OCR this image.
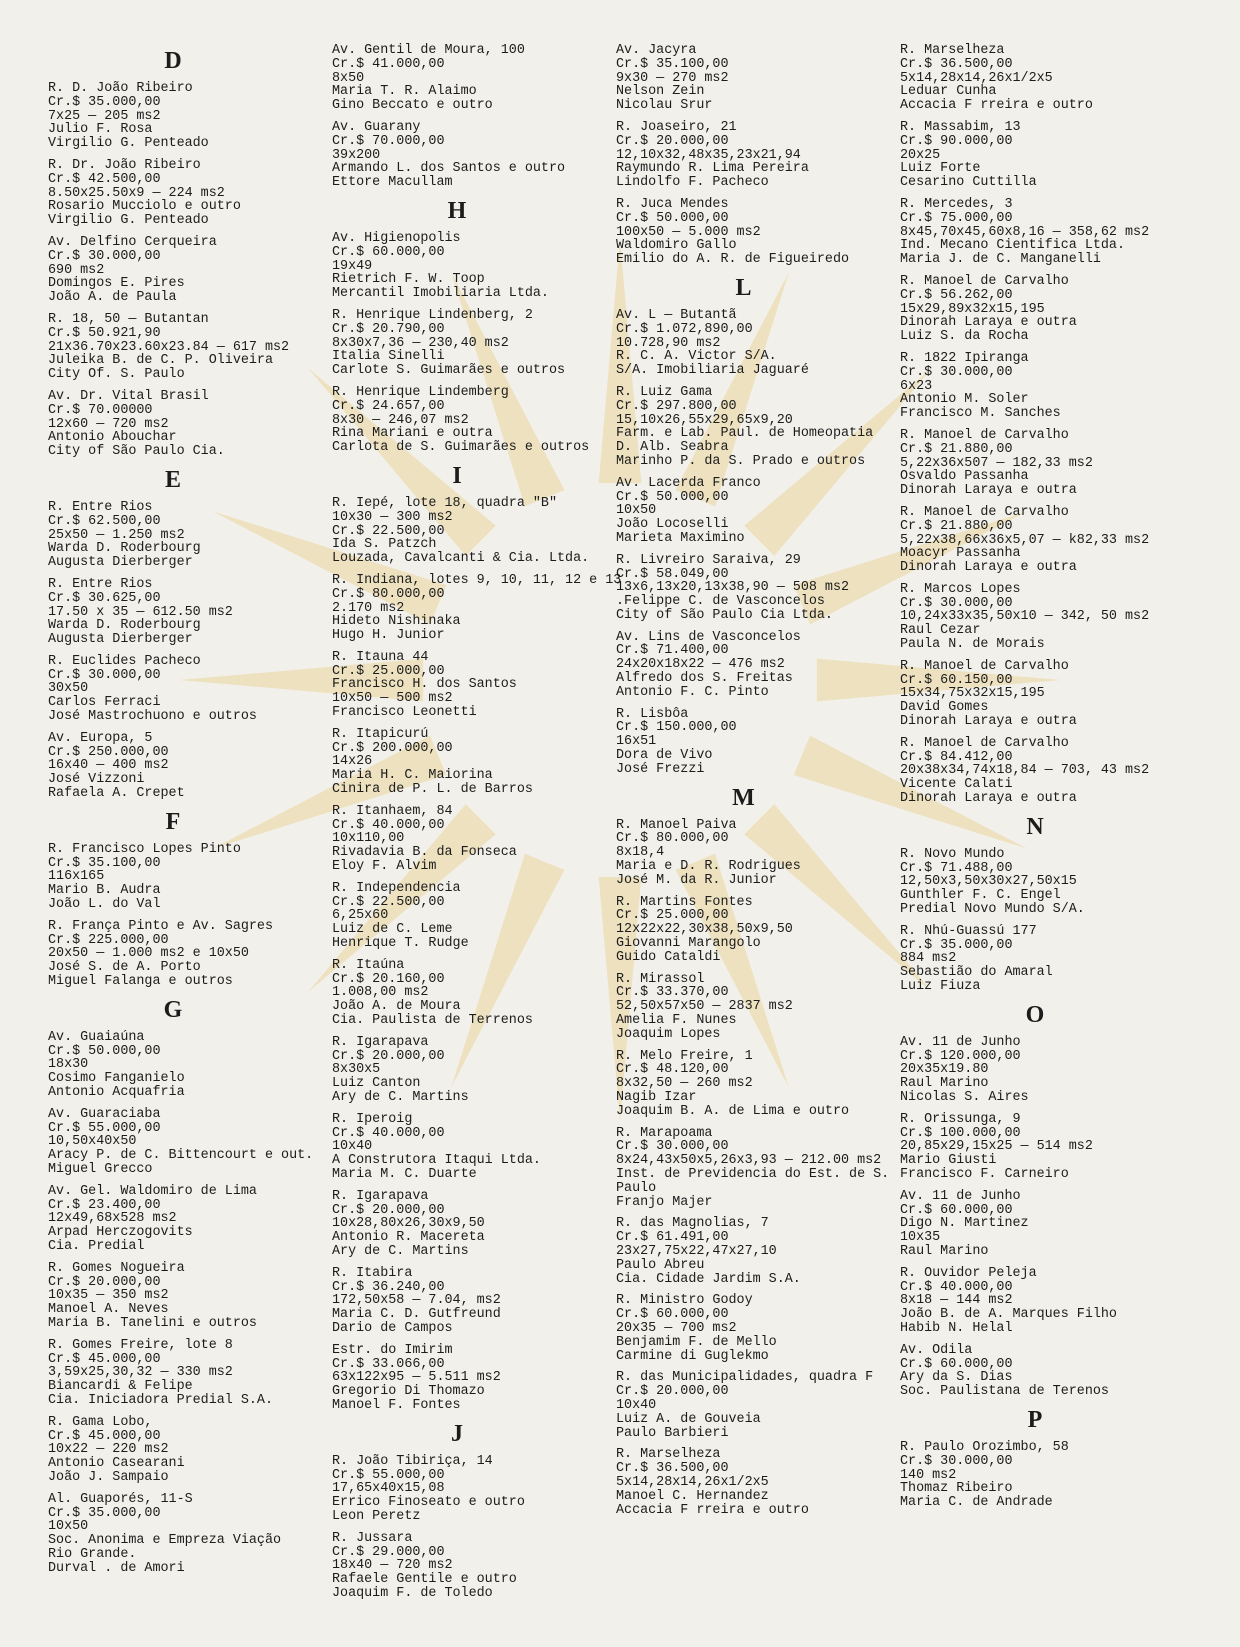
D
R. D. João Ribeiro
Cr.$ 35.000,00
7x25 — 205 ms2
Julio F. Rosa
Virgilio G. Penteado
R. Dr. João Ribeiro
Cr.$ 42.500,00
8.50x25.50x9 — 224 ms2
Rosario Mucciolo e outro
Virgilio G. Penteado
Av. Delfino Cerqueira
Cr.$ 30.000,00
690 ms2
Domingos E. Pires
João A. de Paula
R. 18, 50 — Butantan
Cr.$ 50.921,90
21x36.70x23.60x23.84 — 617 ms2
Juleika B. de C. P. Oliveira
City Of. S. Paulo
Av. Dr. Vital Brasil
Cr.$ 70.00000
12x60 — 720 ms2
Antonio Abouchar
City of São Paulo Cia.
E
R. Entre Rios
Cr.$ 62.500,00
25x50 — 1.250 ms2
Warda D. Roderbourg
Augusta Dierberger
R. Entre Rios
Cr.$ 30.625,00
17.50 x 35 — 612.50 ms2
Warda D. Roderbourg
Augusta Dierberger
R. Euclides Pacheco
Cr.$ 30.000,00
30x50
Carlos Ferraci
José Mastrochuono e outros
Av. Europa, 5
Cr.$ 250.000,00
16x40 — 400 ms2
José Vizzoni
Rafaela A. Crepet
F
R. Francisco Lopes Pinto
Cr.$ 35.100,00
116x165
Mario B. Audra
João L. do Val
R. França Pinto e Av. Sagres
Cr.$ 225.000,00
20x50 — 1.000 ms2 e 10x50
José S. de A. Porto
Miguel Falanga e outros
G
Av. Guaiaúna
Cr.$ 50.000,00
18x30
Cosimo Fanganielo
Antonio Acquafria
Av. Guaraciaba
Cr.$ 55.000,00
10,50x40x50
Aracy P. de C. Bittencourt e out.
Miguel Grecco
Av. Gel. Waldomiro de Lima
Cr.$ 23.400,00
12x49,68x528 ms2
Arpad Herczogovits
Cia. Predial
R. Gomes Nogueira
Cr.$ 20.000,00
10x35 — 350 ms2
Manoel A. Neves
Maria B. Tanelini e outros
R. Gomes Freire, lote 8
Cr.$ 45.000,00
3,59x25,30,32 — 330 ms2
Biancardi & Felipe
Cia. Iniciadora Predial S.A.
R. Gama Lobo,
Cr.$ 45.000,00
10x22 — 220 ms2
Antonio Casearani
João J. Sampaio
Al. Guaporés, 11-S
Cr.$ 35.000,00
10x50
Soc. Anonima e Empreza Viação
Rio Grande.
Durval . de Amori
Av. Gentil de Moura, 100
Cr.$ 41.000,00
8x50
Maria T. R. Alaimo
Gino Beccato e outro
Av. Guarany
Cr.$ 70.000,00
39x200
Armando L. dos Santos e outro
Ettore Macullam
H
Av. Higienopolis
Cr.$ 60.000,00
19x49
Rietrich F. W. Toop
Mercantil Imobiliaria Ltda.
R. Henrique Lindenberg, 2
Cr.$ 20.790,00
8x30x7,36 — 230,40 ms2
Italia Sinelli
Carlote S. Guimarães e outros
R. Henrique Lindemberg
Cr.$ 24.657,00
8x30 — 246,07 ms2
Rina Mariani e outra
Carlota de S. Guimarães e outros
I
R. Iepé, lote 18, quadra "B"
10x30 — 300 ms2
Cr.$ 22.500,00
Ida S. Patzch
Louzada, Cavalcanti & Cia. Ltda.
R. Indiana, lotes 9, 10, 11, 12 e 13
Cr.$ 80.000,00
2.170 ms2
Hideto Nishinaka
Hugo H. Junior
R. Itauna 44
Cr.$ 25.000,00
Francisco H. dos Santos
10x50 — 500 ms2
Francisco Leonetti
R. Itapicurú
Cr.$ 200.000,00
14x26
Maria H. C. Maiorina
Cinira de P. L. de Barros
R. Itanhaem, 84
Cr.$ 40.000,00
10x110,00
Rivadavia B. da Fonseca
Eloy F. Alvim
R. Independencia
Cr.$ 22.500,00
6,25x60
Luiz de C. Leme
Henrique T. Rudge
R. Itaúna
Cr.$ 20.160,00
1.008,00 ms2
João A. de Moura
Cia. Paulista de Terrenos
R. Igarapava
Cr.$ 20.000,00
8x30x5
Luiz Canton
Ary de C. Martins
R. Iperoig
Cr.$ 40.000,00
10x40
A Construtora Itaqui Ltda.
Maria M. C. Duarte
R. Igarapava
Cr.$ 20.000,00
10x28,80x26,30x9,50
Antonio R. Macereta
Ary de C. Martins
R. Itabira
Cr.$ 36.240,00
172,50x58 — 7.04, ms2
Maria C. D. Gutfreund
Dario de Campos
Estr. do Imirim
Cr.$ 33.066,00
63x122x95 — 5.511 ms2
Gregorio Di Thomazo
Manoel F. Fontes
J
R. João Tibiriça, 14
Cr.$ 55.000,00
17,65x40x15,08
Errico Finoseato e outro
Leon Peretz
R. Jussara
Cr.$ 29.000,00
18x40 — 720 ms2
Rafaele Gentile e outro
Joaquim F. de Toledo
Av. Jacyra
Cr.$ 35.100,00
9x30 — 270 ms2
Nelson Zein
Nicolau Srur
R. Joaseiro, 21
Cr.$ 20.000,00
12,10x32,48x35,23x21,94
Raymundo R. Lima Pereira
Lindolfo F. Pacheco
R. Juca Mendes
Cr.$ 50.000,00
100x50 — 5.000 ms2
Waldomiro Gallo
Emilio do A. R. de Figueiredo
L
Av. L — Butantã
Cr.$ 1.072,890,00
10.728,90 ms2
R. C. A. Victor S/A.
S/A. Imobiliaria Jaguaré
R. Luiz Gama
Cr.$ 297.800,00
15,10x26,55x29,65x9,20
Farm. e Lab. Paul. de Homeopatia
D. Alb. Seabra
Marinho P. da S. Prado e outros
Av. Lacerda Franco
Cr.$ 50.000,00
10x50
João Locoselli
Marieta Maximino
R. Livreiro Saraiva, 29
Cr.$ 58.049,00
13x6,13x20,13x38,90 — 508 ms2
.Felippe C. de Vasconcelos
City of São Paulo Cia Ltda.
Av. Lins de Vasconcelos
Cr.$ 71.400,00
24x20x18x22 — 476 ms2
Alfredo dos S. Freitas
Antonio F. C. Pinto
R. Lisbôa
Cr.$ 150.000,00
16x51
Dora de Vivo
José Frezzi
M
R. Manoel Paiva
Cr.$ 80.000,00
8x18,4
Maria e D. R. Rodrigues
José M. da R. Junior
R. Martins Fontes
Cr.$ 25.000,00
12x22x22,30x38,50x9,50
Giovanni Marangolo
Guido Cataldi
R. Mirassol
Cr.$ 33.370,00
52,50x57x50 — 2837 ms2
Amelia F. Nunes
Joaquim Lopes
R. Melo Freire, 1
Cr.$ 48.120,00
8x32,50 — 260 ms2
Nagib Izar
Joaquim B. A. de Lima e outro
R. Marapoama
Cr.$ 30.000,00
8x24,43x50x5,26x3,93 — 212.00 ms2
Inst. de Previdencia do Est. de S.
Paulo
Franjo Majer
R. das Magnolias, 7
Cr.$ 61.491,00
23x27,75x22,47x27,10
Paulo Abreu
Cia. Cidade Jardim S.A.
R. Ministro Godoy
Cr.$ 60.000,00
20x35 — 700 ms2
Benjamim F. de Mello
Carmine di Guglekmo
R. das Municipalidades, quadra F
Cr.$ 20.000,00
10x40
Luiz A. de Gouveia
Paulo Barbieri
R. Marselheza
Cr.$ 36.500,00
5x14,28x14,26x1/2x5
Manoel C. Hernandez
Accacia F rreira e outro
R. Marselheza
Cr.$ 36.500,00
5x14,28x14,26x1/2x5
Leduar Cunha
Accacia F rreira e outro
R. Massabim, 13
Cr.$ 90.000,00
20x25
Luiz Forte
Cesarino Cuttilla
R. Mercedes, 3
Cr.$ 75.000,00
8x45,70x45,60x8,16 — 358,62 ms2
Ind. Mecano Cientifica Ltda.
Maria J. de C. Manganelli
R. Manoel de Carvalho
Cr.$ 56.262,00
15x29,89x32x15,195
Dinorah Laraya e outra
Luiz S. da Rocha
R. 1822 Ipiranga
Cr.$ 30.000,00
6x23
Antonio M. Soler
Francisco M. Sanches
R. Manoel de Carvalho
Cr.$ 21.880,00
5,22x36x507 — 182,33 ms2
Osvaldo Passanha
Dinorah Laraya e outra
R. Manoel de Carvalho
Cr.$ 21.880,00
5,22x38,66x36x5,07 — k82,33 ms2
Moacyr Passanha
Dinorah Laraya e outra
R. Marcos Lopes
Cr.$ 30.000,00
10,24x33x35,50x10 — 342, 50 ms2
Raul Cezar
Paula N. de Morais
R. Manoel de Carvalho
Cr.$ 60.150,00
15x34,75x32x15,195
David Gomes
Dinorah Laraya e outra
R. Manoel de Carvalho
Cr.$ 84.412,00
20x38x34,74x18,84 — 703, 43 ms2
Vicente Calati
Dinorah Laraya e outra
N
R. Novo Mundo
Cr.$ 71.488,00
12,50x3,50x30x27,50x15
Gunthler F. C. Engel
Predial Novo Mundo S/A.
R. Nhú-Guassú 177
Cr.$ 35.000,00
884 ms2
Sebastião do Amaral
Luiz Fiuza
O
Av. 11 de Junho
Cr.$ 120.000,00
20x35x19.80
Raul Marino
Nicolas S. Aires
R. Orissunga, 9
Cr.$ 100.000,00
20,85x29,15x25 — 514 ms2
Mario Giusti
Francisco F. Carneiro
Av. 11 de Junho
Cr.$ 60.000,00
Digo N. Martinez
10x35
Raul Marino
R. Ouvidor Peleja
Cr.$ 40.000,00
8x18 — 144 ms2
João B. de A. Marques Filho
Habib N. Helal
Av. Odila
Cr.$ 60.000,00
Ary da S. Dias
Soc. Paulistana de Terenos
P
R. Paulo Orozimbo, 58
Cr.$ 30.000,00
140 ms2
Thomaz Ribeiro
Maria C. de Andrade
